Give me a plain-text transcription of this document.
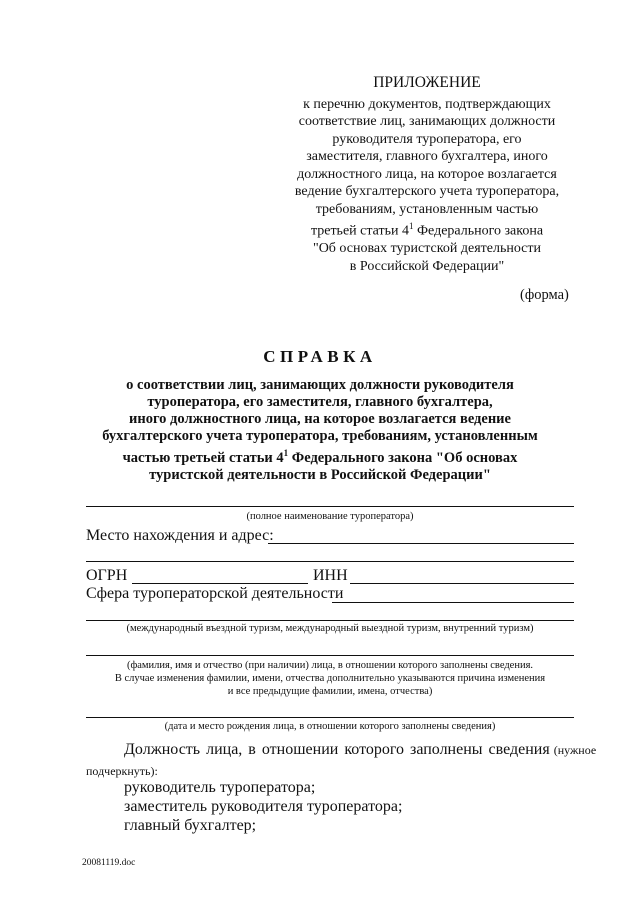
ПРИЛОЖЕНИЕ
к перечню документов, подтверждающих
соответствие лиц, занимающих должности
руководителя туроператора, его
заместителя, главного бухгалтера, иного
должностного лица, на которое возлагается
ведение бухгалтерского учета туроператора,
требованиям, установленным частью
третьей статьи $4^1$ Федерального закона
"Об основах туристской деятельности
в Российской Федерации"
(форма)
СПРАВКА
о соответствии лиц, занимающих должности руководителя
туроператора, его заместителя, главного бухгалтера,
иного должностного лица, на которое возлагается ведение
бухгалтерского учета туроператора, требованиям, установленным
частью третьей статьи $4^1$ Федерального закона "Об основах
туристской деятельности в Российской Федерации"
(полное наименование туроператора)
Место нахождения и адрес:
ОГРН	ИНН
Сфера туроператорской деятельности
(международный въездной туризм, международный выездной туризм, внутренний туризм)
(фамилия, имя и отчество (при наличии) лица, в отношении которого заполнены сведения.
В случае изменения фамилии, имени, отчества дополнительно указываются причина изменения
и все предыдущие фамилии, имена, отчества)
(дата и место рождения лица, в отношении которого заполнены сведения)
Должность лица, в отношении которого заполнены сведения (нужное
подчеркнуть):
руководитель туроператора;
заместитель руководителя туроператора;
главный бухгалтер;
20081119.doc
